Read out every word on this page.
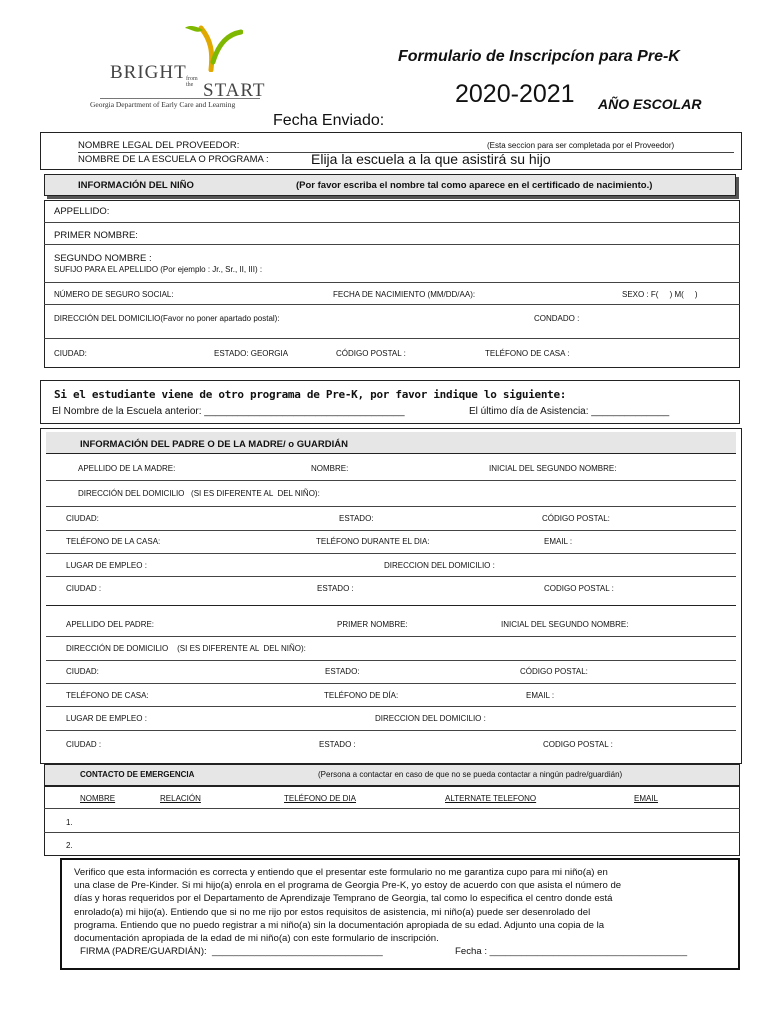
BRIGHT from the START
Georgia Department of Early Care and Learning
Formulario de Inscripcíon para Pre-K
2020-2021 AÑO ESCOLAR
Fecha Enviado:
NOMBRE LEGAL DEL PROVEEDOR:	(Esta seccion para ser completada por el Proveedor)
NOMBRE DE LA ESCUELA O PROGRAMA :	Elija la escuela a la que asistirá su hijo
INFORMACIÓN DEL NIÑO	(Por favor escriba el nombre tal como aparece en el certificado de nacimiento.)
APPELLIDO:
PRIMER NOMBRE:
SEGUNDO NOMBRE :
SUFIJO PARA EL APELLIDO (Por ejemplo : Jr., Sr., II, III) :
NÚMERO DE SEGURO SOCIAL:	FECHA DE NACIMIENTO (MM/DD/AA):	SEXO : F(     ) M(     )
DIRECCIÓN DEL DOMICILIO(Favor no poner apartado postal):	CONDADO :
CIUDAD:	ESTADO: GEORGIA	CÓDIGO POSTAL :	TELÉFONO DE CASA :
Si el estudiante viene de otro programa de Pre-K, por favor indique lo siguiente:
El Nombre de la Escuela anterior: ____________________________________	El último día de Asistencia: ______________
INFORMACIÓN DEL PADRE O DE LA MADRE/ o GUARDIÁN
APELLIDO DE LA MADRE:	NOMBRE:	INICIAL DEL SEGUNDO NOMBRE:
DIRECCIÓN DEL DOMICILIO   (SI ES DIFERENTE AL  DEL NIÑO):
CIUDAD:	ESTADO:	CÓDIGO POSTAL:
TELÉFONO DE LA CASA:	TELÉFONO DURANTE EL DIA:	EMAIL :
LUGAR DE EMPLEO :	DIRECCION DEL DOMICILIO :
CIUDAD :	ESTADO :	CODIGO POSTAL :
APELLIDO DEL PADRE:	PRIMER NOMBRE:	INICIAL DEL SEGUNDO NOMBRE:
DIRECCIÓN DE DOMICILIO    (SI ES DIFERENTE AL  DEL NIÑO):
CIUDAD:	ESTADO:	CÓDIGO POSTAL:
TELÉFONO DE CASA:	TELÉFONO DE DÍA:	EMAIL :
LUGAR DE EMPLEO :	DIRECCION DEL DOMICILIO :
CIUDAD :	ESTADO :	CODIGO POSTAL :
CONTACTO DE EMERGENCIA	(Persona a contactar en caso de que no se pueda contactar a ningún padre/guardián)
NOMBRE	RELACIÓN	TELÉFONO DE DIA	ALTERNATE TELEFONO	EMAIL
1.
2.
Verifico que esta información es correcta y entiendo que el presentar este formulario no me garantiza cupo para mi niño(a) en
una clase de Pre-Kinder. Si mi hijo(a) enrola en el programa de Georgia Pre-K, yo estoy de acuerdo con que asista el número de
días y horas requeridos por el Departamento de Aprendizaje Temprano de Georgia, tal como lo especifica el centro donde está
enrolado(a) mi hijo(a). Entiendo que si no me rijo por estos requisitos de asistencia, mi niño(a) puede ser desenrolado del
programa. Entiendo que no puedo registrar a mi niño(a) sin la documentación apropiada de su edad. Adjunto una copia de la
documentación apropiada de la edad de mi niño(a) con este formulario de inscripción.
FIRMA (PADRE/GUARDIÁN):  ________________________________	Fecha : _____________________________________
